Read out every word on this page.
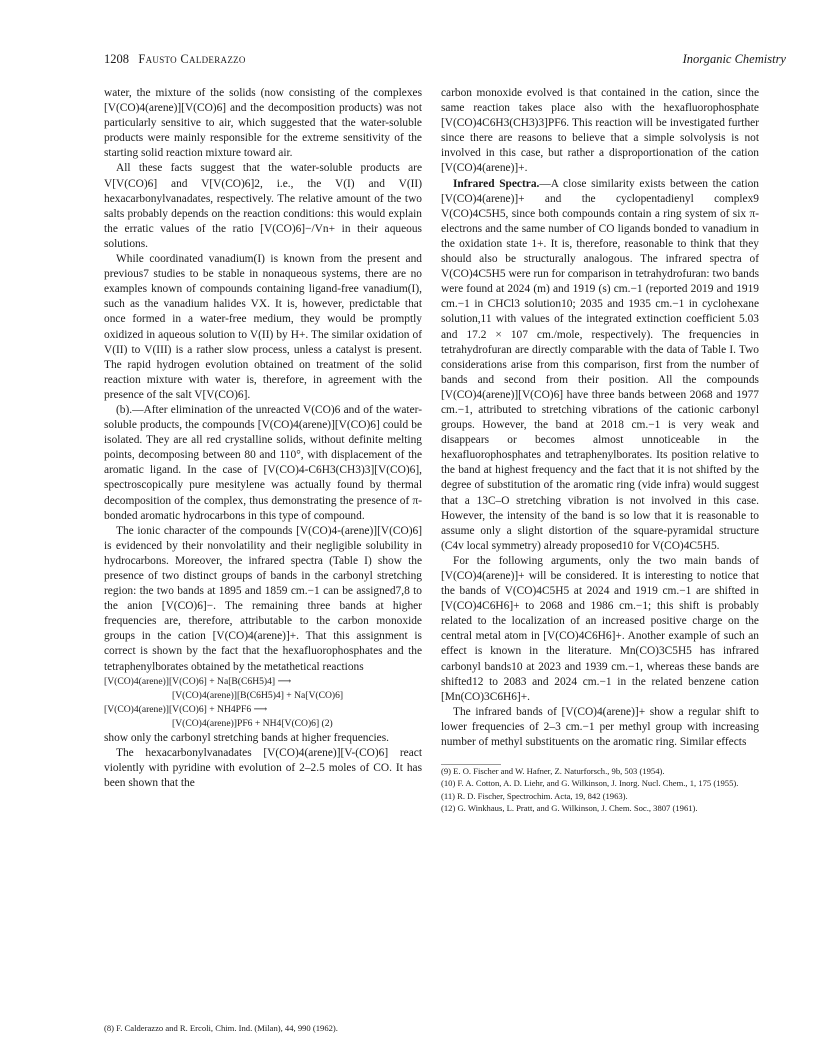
1208 Fausto Calderazzo	Inorganic Chemistry

water, the mixture of the solids (now consisting of the complexes [V(CO)4(arene)][V(CO)6] and the decomposition products) was not particularly sensitive to air, which suggested that the water-soluble products were mainly responsible for the extreme sensitivity of the starting solid reaction mixture toward air.

All these facts suggest that the water-soluble products are V[V(CO)6] and V[V(CO)6]2, i.e., the V(I) and V(II) hexacarbonylvanadates, respectively. The relative amount of the two salts probably depends on the reaction conditions: this would explain the erratic values of the ratio [V(CO)6]−/Vn+ in their aqueous solutions.

While coordinated vanadium(I) is known from the present and previous7 studies to be stable in nonaqueous systems, there are no examples known of compounds containing ligand-free vanadium(I), such as the vanadium halides VX. It is, however, predictable that once formed in a water-free medium, they would be promptly oxidized in aqueous solution to V(II) by H+. The similar oxidation of V(II) to V(III) is a rather slow process, unless a catalyst is present. The rapid hydrogen evolution obtained on treatment of the solid reaction mixture with water is, therefore, in agreement with the presence of the salt V[V(CO)6].

(b).—After elimination of the unreacted V(CO)6 and of the water-soluble products, the compounds [V(CO)4(arene)][V(CO)6] could be isolated. They are all red crystalline solids, without definite melting points, decomposing between 80 and 110°, with displacement of the aromatic ligand. In the case of [V(CO)4-C6H3(CH3)3][V(CO)6], spectroscopically pure mesitylene was actually found by thermal decomposition of the complex, thus demonstrating the presence of π-bonded aromatic hydrocarbons in this type of compound.

The ionic character of the compounds [V(CO)4-(arene)][V(CO)6] is evidenced by their nonvolatility and their negligible solubility in hydrocarbons. Moreover, the infrared spectra (Table I) show the presence of two distinct groups of bands in the carbonyl stretching region: the two bands at 1895 and 1859 cm.−1 can be assigned7,8 to the anion [V(CO)6]−. The remaining three bands at higher frequencies are, therefore, attributable to the carbon monoxide groups in the cation [V(CO)4(arene)]+. That this assignment is correct is shown by the fact that the hexafluorophosphates and the tetraphenylborates obtained by the metathetical reactions

[V(CO)4(arene)][V(CO)6] + Na[B(C6H5)4] ⟶
[V(CO)4(arene)][B(C6H5)4] + Na[V(CO)6]
[V(CO)4(arene)][V(CO)6] + NH4PF6 ⟶
[V(CO)4(arene)]PF6 + NH4[V(CO)6] (2)

show only the carbonyl stretching bands at higher frequencies.

The hexacarbonylvanadates [V(CO)4(arene)][V-(CO)6] react violently with pyridine with evolution of 2–2.5 moles of CO. It has been shown that the

(8) F. Calderazzo and R. Ercoli, Chim. Ind. (Milan), 44, 990 (1962).

carbon monoxide evolved is that contained in the cation, since the same reaction takes place also with the hexafluorophosphate [V(CO)4C6H3(CH3)3]PF6. This reaction will be investigated further since there are reasons to believe that a simple solvolysis is not involved in this case, but rather a disproportionation of the cation [V(CO)4(arene)]+.

Infrared Spectra.—A close similarity exists between the cation [V(CO)4(arene)]+ and the cyclopentadienyl complex9 V(CO)4C5H5, since both compounds contain a ring system of six π-electrons and the same number of CO ligands bonded to vanadium in the oxidation state 1+. It is, therefore, reasonable to think that they should also be structurally analogous. The infrared spectra of V(CO)4C5H5 were run for comparison in tetrahydrofuran: two bands were found at 2024 (m) and 1919 (s) cm.−1 (reported 2019 and 1919 cm.−1 in CHCl3 solution10; 2035 and 1935 cm.−1 in cyclohexane solution,11 with values of the integrated extinction coefficient 5.03 and 17.2 × 107 cm./mole, respectively). The frequencies in tetrahydrofuran are directly comparable with the data of Table I. Two considerations arise from this comparison, first from the number of bands and second from their position. All the compounds [V(CO)4(arene)][V(CO)6] have three bands between 2068 and 1977 cm.−1, attributed to stretching vibrations of the cationic carbonyl groups. However, the band at 2018 cm.−1 is very weak and disappears or becomes almost unnoticeable in the hexafluorophosphates and tetraphenylborates. Its position relative to the band at highest frequency and the fact that it is not shifted by the degree of substitution of the aromatic ring (vide infra) would suggest that a 13C–O stretching vibration is not involved in this case. However, the intensity of the band is so low that it is reasonable to assume only a slight distortion of the square-pyramidal structure (C4v local symmetry) already proposed10 for V(CO)4C5H5.

For the following arguments, only the two main bands of [V(CO)4(arene)]+ will be considered. It is interesting to notice that the bands of V(CO)4C5H5 at 2024 and 1919 cm.−1 are shifted in [V(CO)4C6H6]+ to 2068 and 1986 cm.−1; this shift is probably related to the localization of an increased positive charge on the central metal atom in [V(CO)4C6H6]+. Another example of such an effect is known in the literature. Mn(CO)3C5H5 has infrared carbonyl bands10 at 2023 and 1939 cm.−1, whereas these bands are shifted12 to 2083 and 2024 cm.−1 in the related benzene cation [Mn(CO)3C6H6]+.

The infrared bands of [V(CO)4(arene)]+ show a regular shift to lower frequencies of 2–3 cm.−1 per methyl group with increasing number of methyl substituents on the aromatic ring. Similar effects

(9) E. O. Fischer and W. Hafner, Z. Naturforsch., 9b, 503 (1954).
(10) F. A. Cotton, A. D. Liehr, and G. Wilkinson, J. Inorg. Nucl. Chem., 1, 175 (1955).
(11) R. D. Fischer, Spectrochim. Acta, 19, 842 (1963).
(12) G. Winkhaus, L. Pratt, and G. Wilkinson, J. Chem. Soc., 3807 (1961).
